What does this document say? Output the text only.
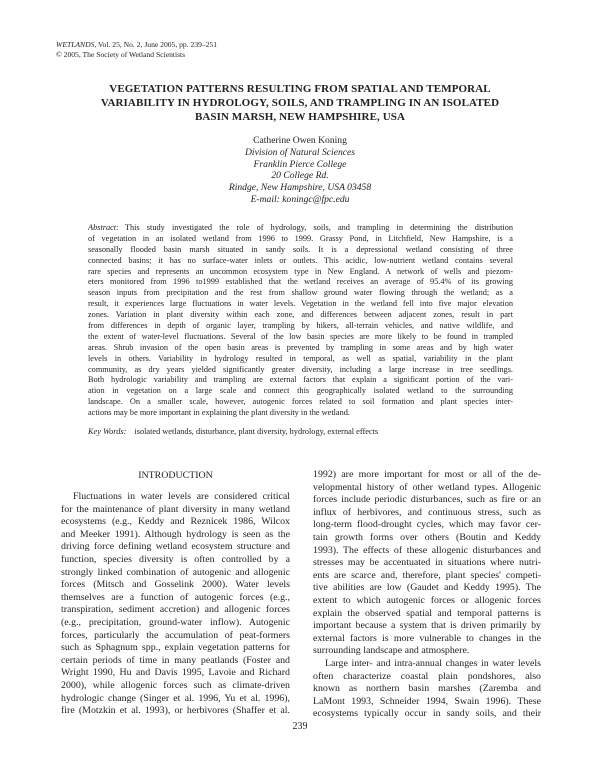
WETLANDS, Vol. 25, No. 2, June 2005, pp. 239–251
© 2005, The Society of Wetland Scientists
VEGETATION PATTERNS RESULTING FROM SPATIAL AND TEMPORAL
VARIABILITY IN HYDROLOGY, SOILS, AND TRAMPLING IN AN ISOLATED
BASIN MARSH, NEW HAMPSHIRE, USA
Catherine Owen Koning
Division of Natural Sciences
Franklin Pierce College
20 College Rd.
Rindge, New Hampshire, USA 03458
E-mail: koningc@fpc.edu
Abstract: This study investigated the role of hydrology, soils, and trampling in determining the distribution
of vegetation in an isolated wetland from 1996 to 1999. Grassy Pond, in Litchfield, New Hampshire, is a
seasonally flooded basin marsh situated in sandy soils. It is a depressional wetland consisting of three
connected basins; it has no surface-water inlets or outlets. This acidic, low-nutrient wetland contains several
rare species and represents an uncommon ecosystem type in New England. A network of wells and piezom-
eters monitored from 1996 to1999 established that the wetland receives an average of 95.4% of its growing
season inputs from precipitation and the rest from shallow ground water flowing through the wetland; as a
result, it experiences large fluctuations in water levels. Vegetation in the wetland fell into five major elevation
zones. Variation in plant diversity within each zone, and differences between adjacent zones, result in part
from differences in depth of organic layer, trampling by hikers, all-terrain vehicles, and native wildlife, and
the extent of water-level fluctuations. Several of the low basin species are more likely to be found in trampled
areas. Shrub invasion of the open basin areas is prevented by trampling in some areas and by high water
levels in others. Variability in hydrology resulted in temporal, as well as spatial, variability in the plant
community, as dry years yielded significantly greater diversity, including a large increase in tree seedlings.
Both hydrologic variability and trampling are external factors that explain a significant portion of the vari-
ation in vegetation on a large scale and connect this geographically isolated wetland to the surrounding
landscape. On a smaller scale, however, autogenic forces related to soil formation and plant species inter-
actions may be more important in explaining the plant diversity in the wetland.
Key Words: isolated wetlands, disturbance, plant diversity, hydrology, external effects
INTRODUCTION
Fluctuations in water levels are considered critical
for the maintenance of plant diversity in many wetland
ecosystems (e.g., Keddy and Reznicek 1986, Wilcox
and Meeker 1991). Although hydrology is seen as the
driving force defining wetland ecosystem structure and
function, species diversity is often controlled by a
strongly linked combination of autogenic and allogenic
forces (Mitsch and Gosselink 2000). Water levels
themselves are a function of autogenic forces (e.g.,
transpiration, sediment accretion) and allogenic forces
(e.g., precipitation, ground-water inflow). Autogenic
forces, particularly the accumulation of peat-formers
such as Sphagnum spp., explain vegetation patterns for
certain periods of time in many peatlands (Foster and
Wright 1990, Hu and Davis 1995, Lavoie and Richard
2000), while allogenic forces such as climate-driven
hydrologic change (Singer et al. 1996, Yu et al. 1996),
fire (Motzkin et al. 1993), or herbivores (Shaffer et al.
1992) are more important for most or all of the de-
velopmental history of other wetland types. Allogenic
forces include periodic disturbances, such as fire or an
influx of herbivores, and continuous stress, such as
long-term flood-drought cycles, which may favor cer-
tain growth forms over others (Boutin and Keddy
1993). The effects of these allogenic disturbances and
stresses may be accentuated in situations where nutri-
ents are scarce and, therefore, plant species' competi-
tive abilities are low (Gaudet and Keddy 1995). The
extent to which autogenic forces or allogenic forces
explain the observed spatial and temporal patterns is
important because a system that is driven primarily by
external factors is more vulnerable to changes in the
surrounding landscape and atmosphere.
Large inter- and intra-annual changes in water levels
often characterize coastal plain pondshores, also
known as northern basin marshes (Zaremba and
LaMont 1993, Schneider 1994, Swain 1996). These
ecosystems typically occur in sandy soils, and their
239
